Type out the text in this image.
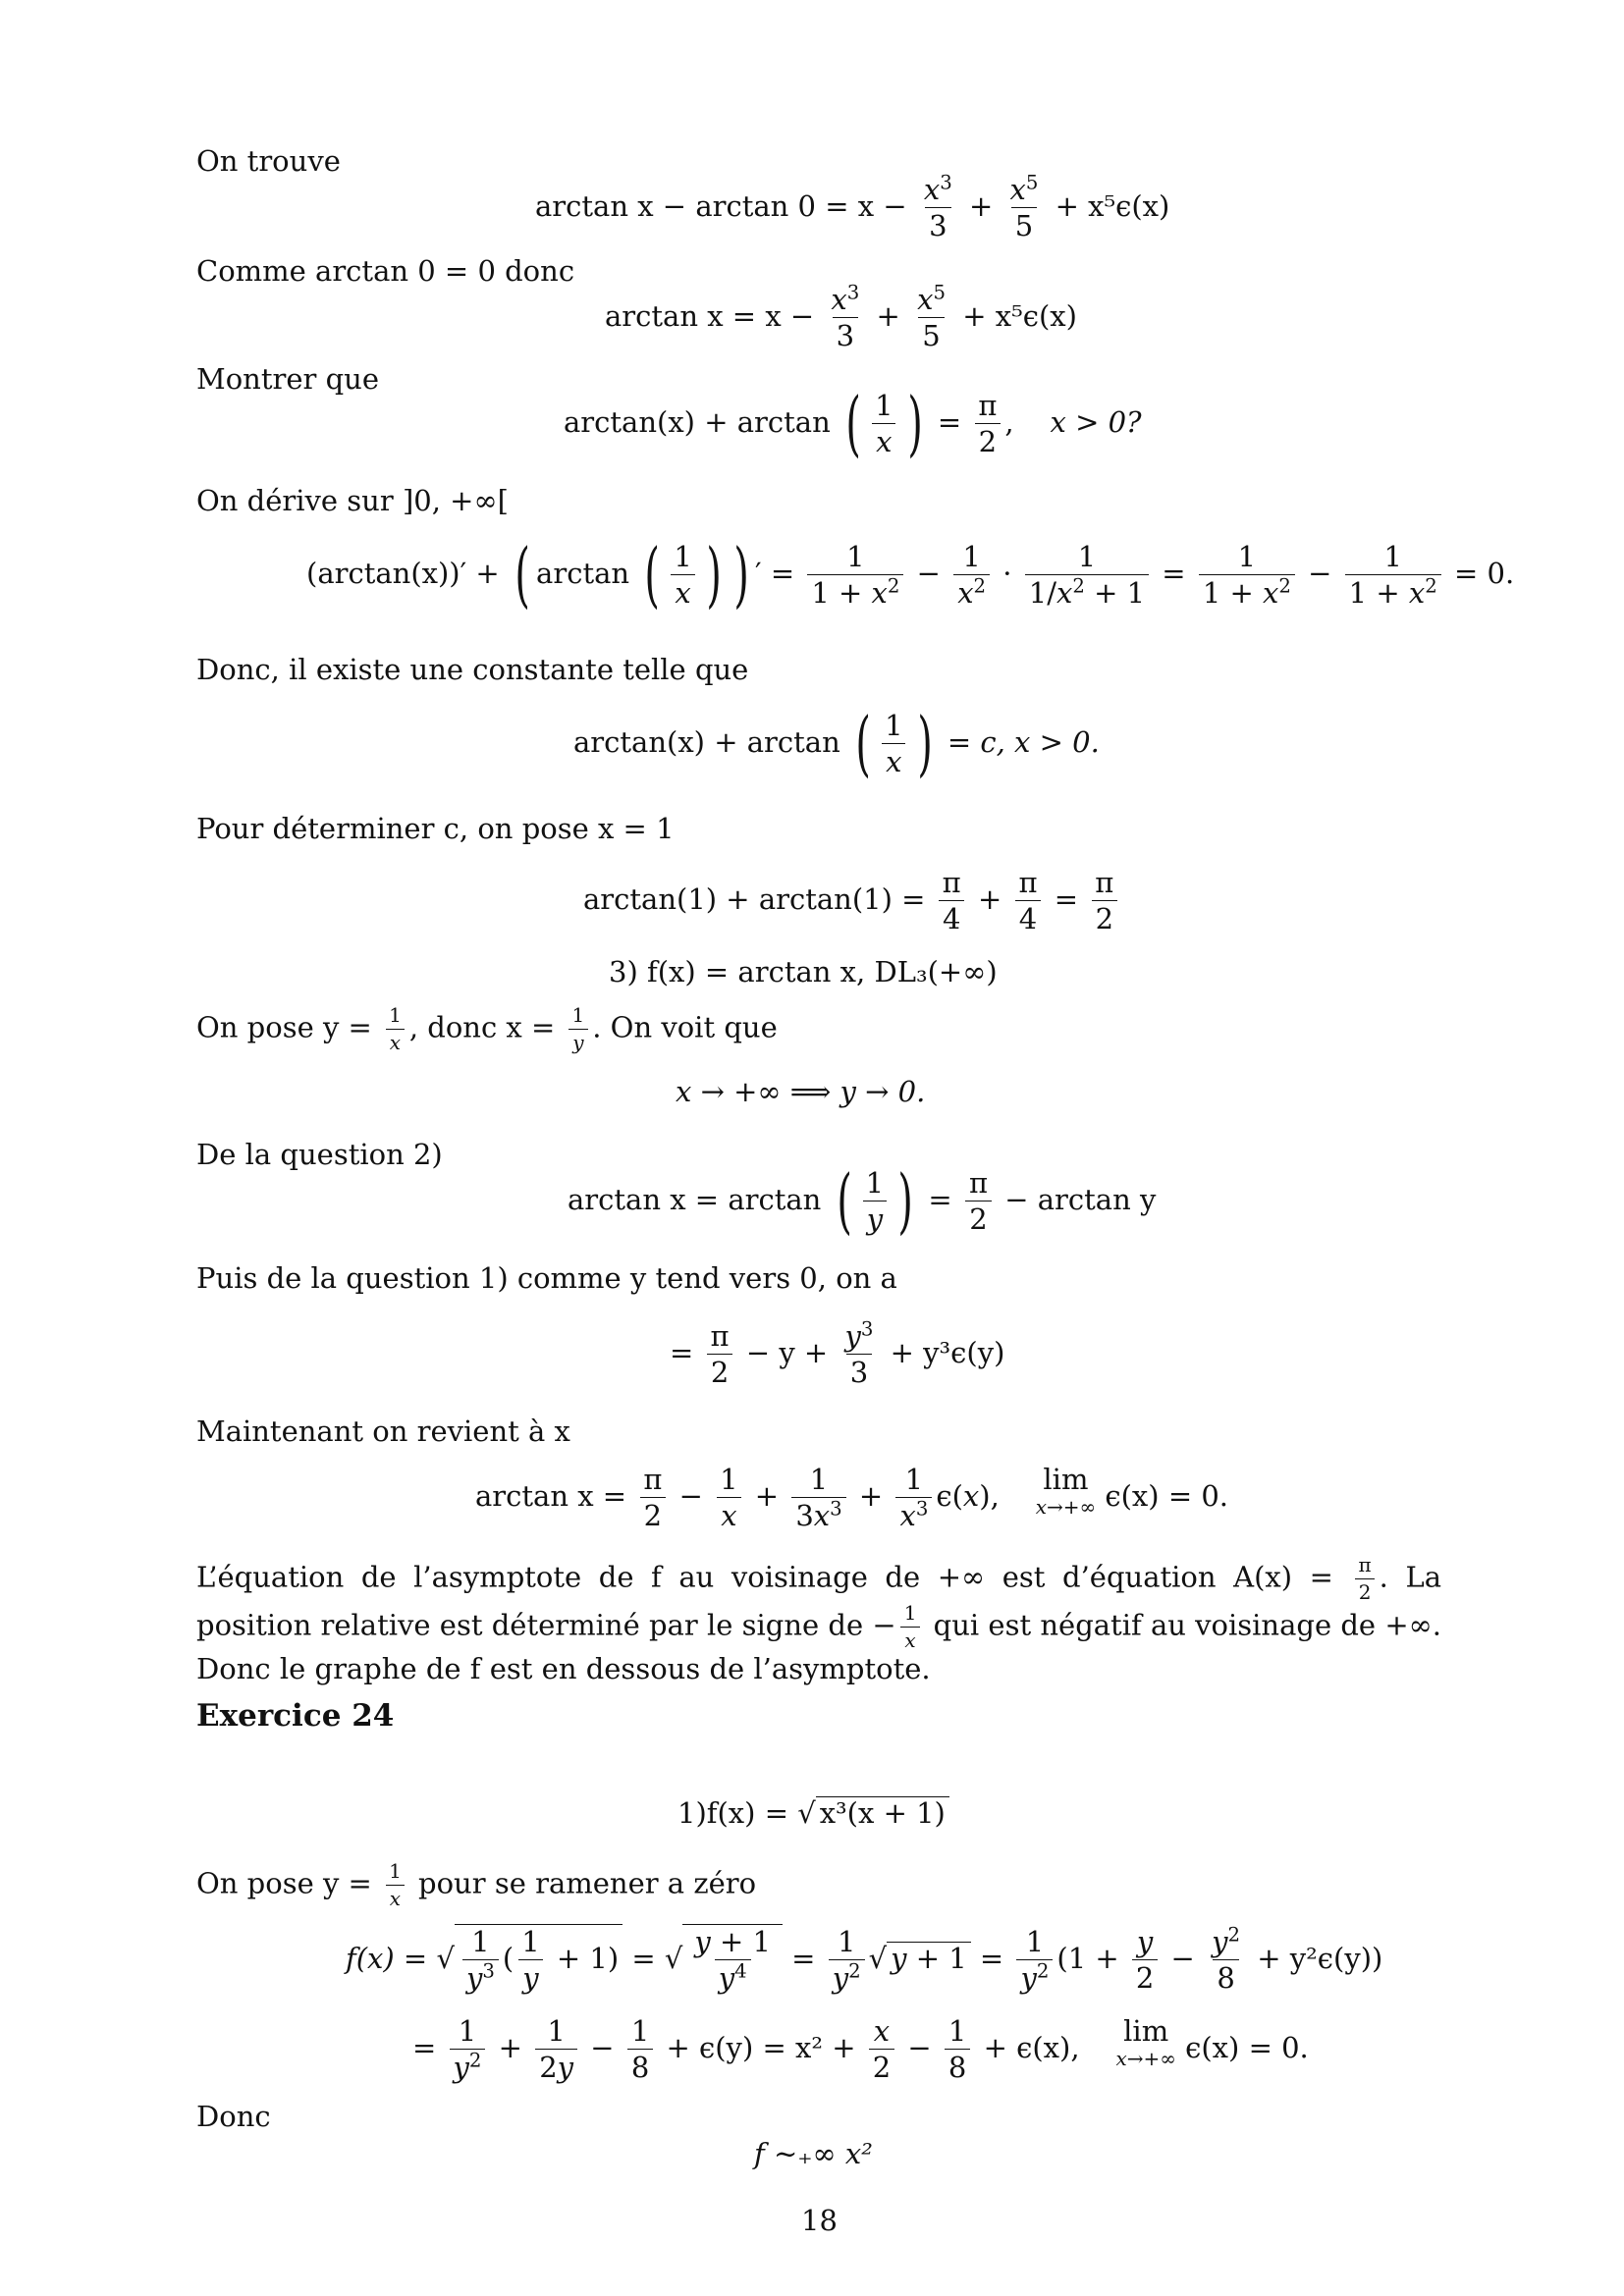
On trouve
$\arctan x - \arctan 0 = x - \frac{x^3}{3} + \frac{x^5}{5} + x^5\epsilon(x)$
Comme arctan 0 = 0 donc
$\arctan x = x - \frac{x^3}{3} + \frac{x^5}{5} + x^5\epsilon(x)$
Montrer que
arctan(x) + arctan ( $\frac{1}{x}$ ) = $\frac{\pi}{2}$ ,    x > 0?
On dérive sur ]0, +∞[
(arctan(x))′ + ( arctan ( $\frac{1}{x}$ ) ) ′ = $\frac{1}{1 + x^2} - \frac{1}{x^2} \cdot \frac{1}{1/x^2 + 1} = \frac{1}{1 + x^2} - \frac{1}{1 + x^2} = 0$.
Donc, il existe une constante telle que
arctan(x) + arctan ( $\frac{1}{x}$ ) = c, x > 0.
Pour déterminer c, on pose x = 1
$\arctan(1) + \arctan(1) = \frac{\pi}{4} + \frac{\pi}{4} = \frac{\pi}{2}$
3) f(x) = arctan x, DL₃(+∞)
On pose $y = \frac{1}{x}$ , donc $x = \frac{1}{y}$ . On voit que
x → +∞ ⟹ y → 0.
De la question 2)
arctan x = arctan ( $\frac{1}{y}$ ) = $\frac{\pi}{2} - \arctan y$
Puis de la question 1) comme y tend vers 0, on a
= $\frac{\pi}{2} - y + \frac{y^3}{3} + y^3\epsilon(y)$
Maintenant on revient à x
$\arctan x = \frac{\pi}{2} - \frac{1}{x} + \frac{1}{3x^3} + \frac{1}{x^3} \epsilon(x)$, lim
x→+∞ ϵ(x) = 0.
L’équation de l’asymptote de f au voisinage de +∞ est d’équation $A(x) = \frac{\pi}{2}$ . La position relative est déterminé par le signe de − $\frac{1}{x}$ qui est négatif au voisinage de +∞. Donc le graphe de f est en dessous de l’asymptote.
Exercice 24
1)f(x) = √ x³(x + 1)
On pose $y = \frac{1}{x}$ pour se ramener a zéro
f(x) = √ $\frac{1}{y^3}$ ( $\frac{1}{y} + 1$) = √ $\frac{y + 1}{y^4} = \frac{1}{y^2}$ √ $y + 1 = \frac{1}{y^2} (1 + \frac{y}{2} - \frac{y^2}{8} + y^2\epsilon(y))$
= $\frac{1}{y^2} + \frac{1}{2y} - \frac{1}{8} + \epsilon(y) = x^2 + \frac{x}{2} - \frac{1}{8} + \epsilon(x)$, lim
x→+∞ ϵ(x) = 0.
Donc
f ∼₊∞ x²
18
